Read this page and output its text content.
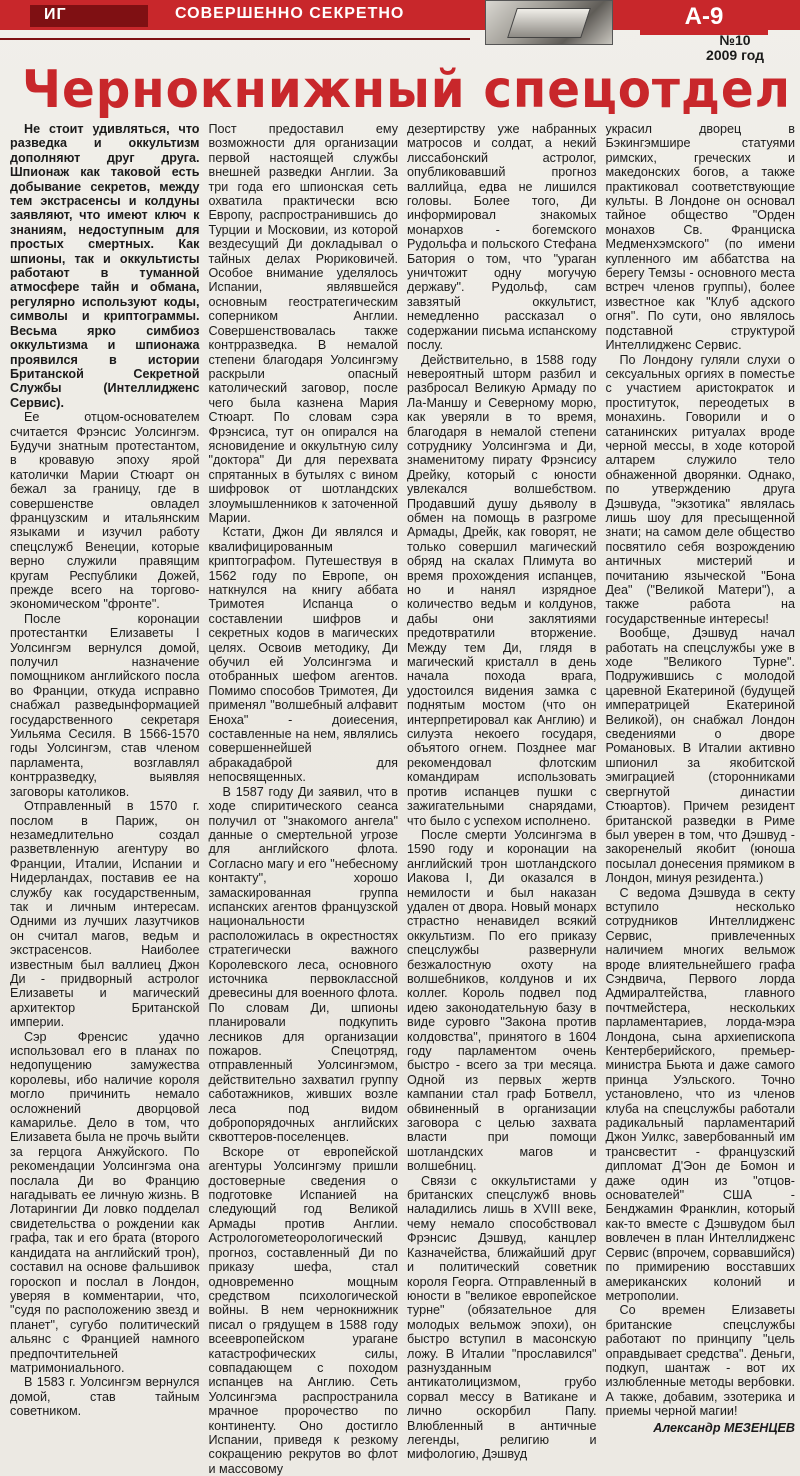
ИГ	СОВЕРШЕННО СЕКРЕТНО	А-9
№10
2009 год
Чернокнижный спецотдел

Не стоит удивляться, что разведка и оккультизм дополняют друг друга. Шпионаж как таковой есть добывание секретов, между тем экстрасенсы и колдуны заявляют, что имеют ключ к знаниям, недоступным для простых смертных. Как шпионы, так и оккультисты работают в туманной атмосфере тайн и обмана, регулярно используют коды, символы и криптограммы. Весьма ярко симбиоз оккультизма и шпионажа проявился в истории Британской Секретной Службы (Интеллидженс Сервис).

Ее отцом-основателем считается Фрэнсис Уолсингэм. Будучи знатным протестантом, в кровавую эпоху ярой католички Марии Стюарт он бежал за границу, где в совершенстве овладел французским и итальянским языками и изучил работу спецслужб Венеции, которые верно служили правящим кругам Республики Дожей, прежде всего на торгово-экономическом "фронте".

После коронации протестантки Елизаветы I Уолсингэм вернулся домой, получил назначение помощником английского посла во Франции, откуда исправно снабжал разведынформацией государственного секретаря Уильяма Сесиля. В 1566-1570 годы Уолсингэм, став членом парламента, возглавлял контрразведку, выявляя заговоры католиков.

Отправленный в 1570 г. послом в Париж, он незамедлительно создал разветвленную агентуру во Франции, Италии, Испании и Нидерландах, поставив ее на службу как государственным, так и личным интересам. Одними из лучших лазутчиков он считал магов, ведьм и экстрасенсов. Наиболее известным был валлиец Джон Ди - придворный астролог Елизаветы и магический архитектор Британской империи.

Сэр Френсис удачно использовал его в планах по недопущению замужества королевы, ибо наличие короля могло причинить немало осложнений дворцовой камарилье. Дело в том, что Елизавета была не прочь выйти за герцога Анжуйского. По рекомендации Уолсингэма она послала Ди во Францию нагадывать ее личную жизнь. В Лотарингии Ди ловко подделал свидетельства о рождении как графа, так и его брата (второго кандидата на английский трон), составил на основе фальшивок гороскоп и послал в Лондон, уверяя в комментарии, что, "судя по расположению звезд и планет", сугубо политический альянс с Францией намного предпочтительней матримониального.

В 1583 г. Уолсингэм вернулся домой, став тайным советником.

Пост предоставил ему возможности для организации первой настоящей службы внешней разведки Англии. За три года его шпионская сеть охватила практически всю Европу, распространившись до Турции и Московии, из которой вездесущий Ди докладывал о тайных делах Рюриковичей. Особое внимание уделялось Испании, являвшейся основным геостратегическим соперником Англии. Совершенствовалась также контрразведка. В немалой степени благодаря Уолсингэму раскрыли опасный католический заговор, после чего была казнена Мария Стюарт. По словам сэра Фрэнсиса, тут он опирался на ясновидение и оккультную силу "доктора" Ди для перехвата спрятанных в бутылях с вином шифровок от шотландских злоумышленников к заточенной Марии.

Кстати, Джон Ди являлся и квалифицированным криптографом. Путешествуя в 1562 году по Европе, он наткнулся на книгу аббата Тримотея Испанца о составлении шифров и секретных кодов в магических целях. Освоив методику, Ди обучил ей Уолсингэма и отобранных шефом агентов. Помимо способов Тримотея, Ди применял "волшебный алфавит Еноха" - доиесения, составленные на нем, являлись совершеннейшей абракадаброй для непосвященных.

В 1587 году Ди заявил, что в ходе спиритического сеанса получил от "знакомого ангела" данные о смертельной угрозе для английского флота. Согласно магу и его "небесному контакту", хорошо замаскированная группа испанских агентов французской национальности расположилась в окрестностях стратегически важного Королевского леса, основного источника первоклассной древесины для военного флота. По словам Ди, шпионы планировали подкупить лесников для организации пожаров. Спецотряд, отправленный Уолсингэмом, действительно захватил группу саботажников, живших возле леса под видом добропорядочных английских сквоттеров-поселенцев.

Вскоре от европейской агентуры Уолсингэму пришли достоверные сведения о подготовке Испанией на следующий год Великой Армады против Англии. Астрологометеорологический прогноз, составленный Ди по приказу шефа, стал одновременно мощным средством психологической войны. В нем чернокнижник писал о грядущем в 1588 году всеевропейском урагане катастрофических силы, совпадающем с походом испанцев на Англию. Сеть Уолсингэма распространила мрачное пророчество по континенту. Оно достигло Испании, приведя к резкому сокращению рекрутов во флот и массовому

дезертирству уже набранных матросов и солдат, а некий лиссабонский астролог, опубликовавший прогноз валлийца, едва не лишился головы. Более того, Ди информировал знакомых монархов - богемского Рудольфа и польского Стефана Батория о том, что "ураган уничтожит одну могучую державу". Рудольф, сам завзятый оккультист, немедленно рассказал о содержании письма испанскому послу.

Действительно, в 1588 году невероятный шторм разбил и разбросал Великую Армаду по Ла-Маншу и Северному морю, как уверяли в то время, благодаря в немалой степени сотруднику Уолсингэма и Ди, знаменитому пирату Фрэнсису Дрейку, который с юности увлекался волшебством. Продавший душу дьяволу в обмен на помощь в разгроме Армады, Дрейк, как говорят, не только совершил магический обряд на скалах Плимута во время прохождения испанцев, но и нанял изрядное количество ведьм и колдунов, дабы они заклятиями предотвратили вторжение. Между тем Ди, глядя в магический кристалл в день начала похода врага, удостоился видения замка с поднятым мостом (что он интерпретировал как Англию) и силуэта некоего государя, объятого огнем. Позднее маг рекомендовал флотским командирам использовать против испанцев пушки с зажигательными снарядами, что было с успехом исполнено.

После смерти Уолсингэма в 1590 году и коронации на английский трон шотландского Иакова I, Ди оказался в немилости и был наказан удален от двора. Новый монарх страстно ненавидел всякий оккультизм. По его приказу спецслужбы развернули безжалостную охоту на волшебников, колдунов и их коллег. Король подвел под идею законодательную базу в виде суровго "Закона против колдовства", принятого в 1604 году парламентом очень быстро - всего за три месяца. Одной из первых жертв кампании стал граф Ботвелл, обвиненный в организации заговора с целью захвата власти при помощи шотландских магов и волшебниц.

Связи с оккультистами у британских спецслужб вновь наладились лишь в XVIII веке, чему немало способствовал Фрэнсис Дэшвуд, канцлер Казначейства, ближайший друг и политический советник короля Георга. Отправленный в юности в "великое европейское турне" (обязательное для молодых вельмож эпохи), он быстро вступил в масонскую ложу. В Италии "прославился" разнузданным антикатолицизмом, грубо сорвал мессу в Ватикане и лично оскорбил Папу. Влюбленный в античные легенды, религию и мифологию, Дэшвуд

украсил дворец в Бэкингэмшире статуями римских, греческих и македонских богов, а также практиковал соответствующие культы. В Лондоне он основал тайное общество "Орден монахов Св. Франциска Медменхэмского" (по имени купленного им аббатства на берегу Темзы - основного места встреч членов группы), более известное как "Клуб адского огня". По сути, оно являлось подставной структурой Интеллидженс Сервис.

По Лондону гуляли слухи о сексуальных оргиях в поместье с участием аристократок и проституток, переодетых в монахинь. Говорили и о сатанинских ритуалах вроде черной мессы, в ходе которой алтарем служило тело обнаженной дворянки. Однако, по утверждению друга Дэшвуда, "экзотика" являлась лишь шоу для пресыщенной знати; на самом деле общество посвятило себя возрождению античных мистерий и почитанию языческой "Бона Деа" ("Великой Матери"), а также работа на государственные интересы!

Вообще, Дэшвуд начал работать на спецслужбы уже в ходе "Великого Турне". Подружившись с молодой царевной Екатериной (будущей императрицей Екатериной Великой), он снабжал Лондон сведениями о дворе Романовых. В Италии активно шпионил за якобитской эмиграцией (сторонниками свергнутой династии Стюартов). Причем резидент британской разведки в Риме был уверен в том, что Дэшвуд - закоренелый якобит (юноша посылал донесения прямиком в Лондон, минуя резидента.)

С ведома Дэшвуда в секту вступило несколько сотрудников Интеллидженс Сервис, привлеченных наличием многих вельмож вроде влиятельнейшего графа Сэндвича, Первого лорда Адмиралтейства, главного почтмейстера, нескольких парламентариев, лорда-мэра Лондона, сына архиепископа Кентерберийского, премьер-министра Бьюта и даже самого принца Уэльского. Точно установлено, что из членов клуба на спецслужбы работали радикальный парламентарий Джон Уилкс, завербованный им трансвестит - французский дипломат Д'Эон де Бомон и даже один из "отцов-основателей" США - Бенджамин Франклин, который как-то вместе с Дэшвудом был вовлечен в план Интеллидженс Сервис (впрочем, сорвавшийся) по примирению восставших американских колоний и метрополии.

Со времен Елизаветы британские спецслужбы работают по принципу "цель оправдывает средства". Деньги, подкуп, шантаж - вот их излюбленные методы вербовки. А также, добавим, эзотерика и приемы черной магии!

Александр МЕЗЕНЦЕВ
